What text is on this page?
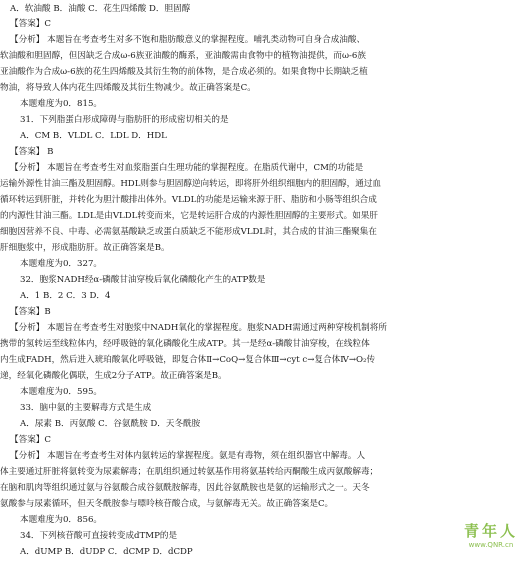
A．软油酸 B．油酸 C．花生四烯酸 D．胆固醇
【答案】C
【分析】 本题旨在考查考生对多不饱和脂肪酸意义的掌握程度。哺乳类动物可自身合成油酸、
软油酸和胆固醇，但因缺乏合成ω-6族亚油酸的酶系，亚油酸需由食物中的植物油提供，而ω-6族
亚油酸作为合成ω-6族的花生四烯酸及其衍生物的前体物，是合成必须的。如果食物中长期缺乏植
物油，将导致人体内花生四烯酸及其衍生物减少。故正确答案是C。
本题难度为0．815。
31．下列脂蛋白形成障碍与脂肪肝的形成密切相关的是
A．CM B．VLDL C．LDL D．HDL
【答案】 B
【分析】 本题旨在考查考生对血浆脂蛋白生理功能的掌握程度。在脂质代谢中，CM的功能是
运输外源性甘油三酯及胆固醇。HDL则参与胆固醇逆向转运，即将肝外组织细胞内的胆固醇，通过血
循环转运到肝脏，并转化为胆汁酸排出体外。VLDL的功能是运输来源于肝、脂肪和小肠等组织合成
的内源性甘油三酯。LDL是由VLDL转变而来，它是转运肝合成的内源性胆固醇的主要形式。如果肝
细胞因营养不良、中毒、必需氨基酸缺乏或蛋白质缺乏不能形成VLDL时，其合成的甘油三酯聚集在
肝细胞浆中，形成脂肪肝。故正确答案是B。
本题难度为0．327。
32．胞浆NADH经α-磷酸甘油穿梭后氧化磷酸化产生的ATP数是
A．1 B．2 C．3 D．4
【答案】B
【分析】 本题旨在考查考生对胞浆中NADH氧化的掌握程度。胞浆NADH需通过两种穿梭机制将所
携带的氢转运至线粒体内，经呼吸链的氧化磷酸化生成ATP。其一是经α-磷酸甘油穿梭，在线粒体
内生成FADH，然后进入琥珀酸氧化呼吸链，即复合体Ⅱ→CoQ→复合体Ⅲ→cyt c→复合体Ⅳ→O₂传
递，经氧化磷酸化偶联，生成2分子ATP。故正确答案是B。
本题难度为0．595。
33．脑中氨的主要解毒方式是生成
A．尿素 B．丙氨酸 C．谷氨酰胺 D．天冬酰胺
【答案】C
【分析】 本题旨在考查考生对体内氨转运的掌握程度。氨是有毒物，须在组织器官中解毒。人
体主要通过肝脏将氨转变为尿素解毒；在肌组织通过转氨基作用将氨基转给丙酮酸生成丙氨酸解毒；
在脑和肌肉等组织通过氨与谷氨酸合成谷氨酰胺解毒，因此谷氨酰胺也是氨的运输形式之一。天冬
氨酸参与尿素循环，但天冬酰胺参与嘌呤核苷酸合成，与氨解毒无关。故正确答案是C。
本题难度为0．856。
34．下列核苷酸可直接转变成dTMP的是
A．dUMP B．dUDP C．dCMP D．dCDP
青年人
www.QNR.cn
